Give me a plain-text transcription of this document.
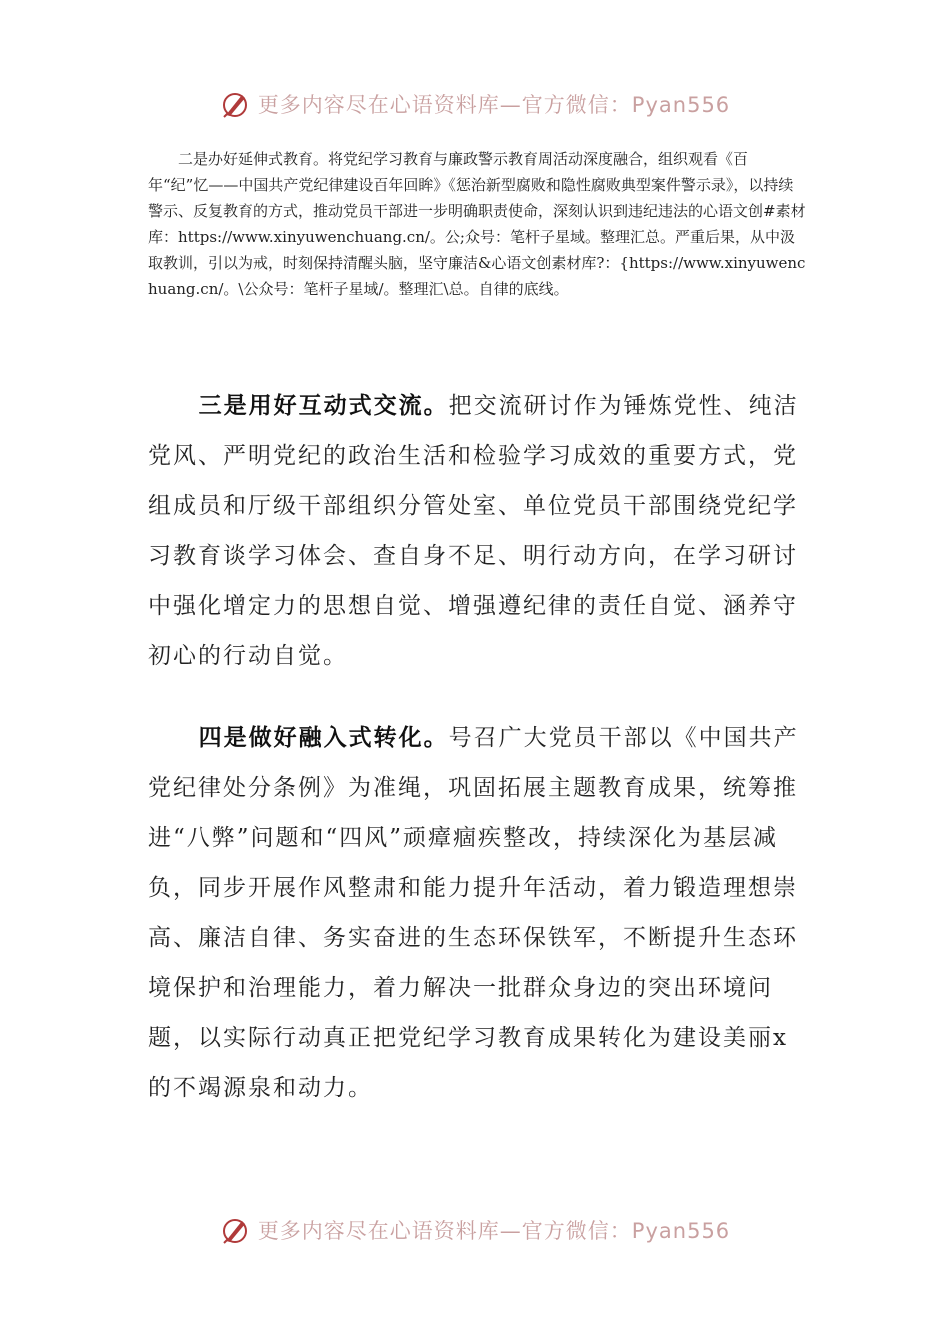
更多内容尽在心语资料库—官方微信：Pyan556

二是办好延伸式教育。将党纪学习教育与廉政警示教育周活动深度融合，组织观看《百年“纪”忆——中国共产党纪律建设百年回眸》《惩治新型腐败和隐性腐败典型案件警示录》，以持续警示、反复教育的方式，推动党员干部进一步明确职责使命，深刻认识到违纪违法的心语文创#素材库：https://www.xinyuwenchuang.cn/。公;众号：笔杆子星域。整理汇总。严重后果，从中汲取教训，引以为戒，时刻保持清醒头脑，坚守廉洁&心语文创素材库?：{https://www.xinyuwenchuang.cn/。\公众号：笔杆子星域/。整理汇\总。自律的底线。

三是用好互动式交流。把交流研讨作为锤炼党性、纯洁党风、严明党纪的政治生活和检验学习成效的重要方式，党组成员和厅级干部组织分管处室、单位党员干部围绕党纪学习教育谈学习体会、查自身不足、明行动方向，在学习研讨中强化增定力的思想自觉、增强遵纪律的责任自觉、涵养守初心的行动自觉。

四是做好融入式转化。号召广大党员干部以《中国共产党纪律处分条例》为准绳，巩固拓展主题教育成果，统筹推进“八弊”问题和“四风”顽瘴痼疾整改，持续深化为基层减负，同步开展作风整肃和能力提升年活动，着力锻造理想崇高、廉洁自律、务实奋进的生态环保铁军，不断提升生态环境保护和治理能力，着力解决一批群众身边的突出环境问题，以实际行动真正把党纪学习教育成果转化为建设美丽x的不竭源泉和动力。

更多内容尽在心语资料库—官方微信：Pyan556
